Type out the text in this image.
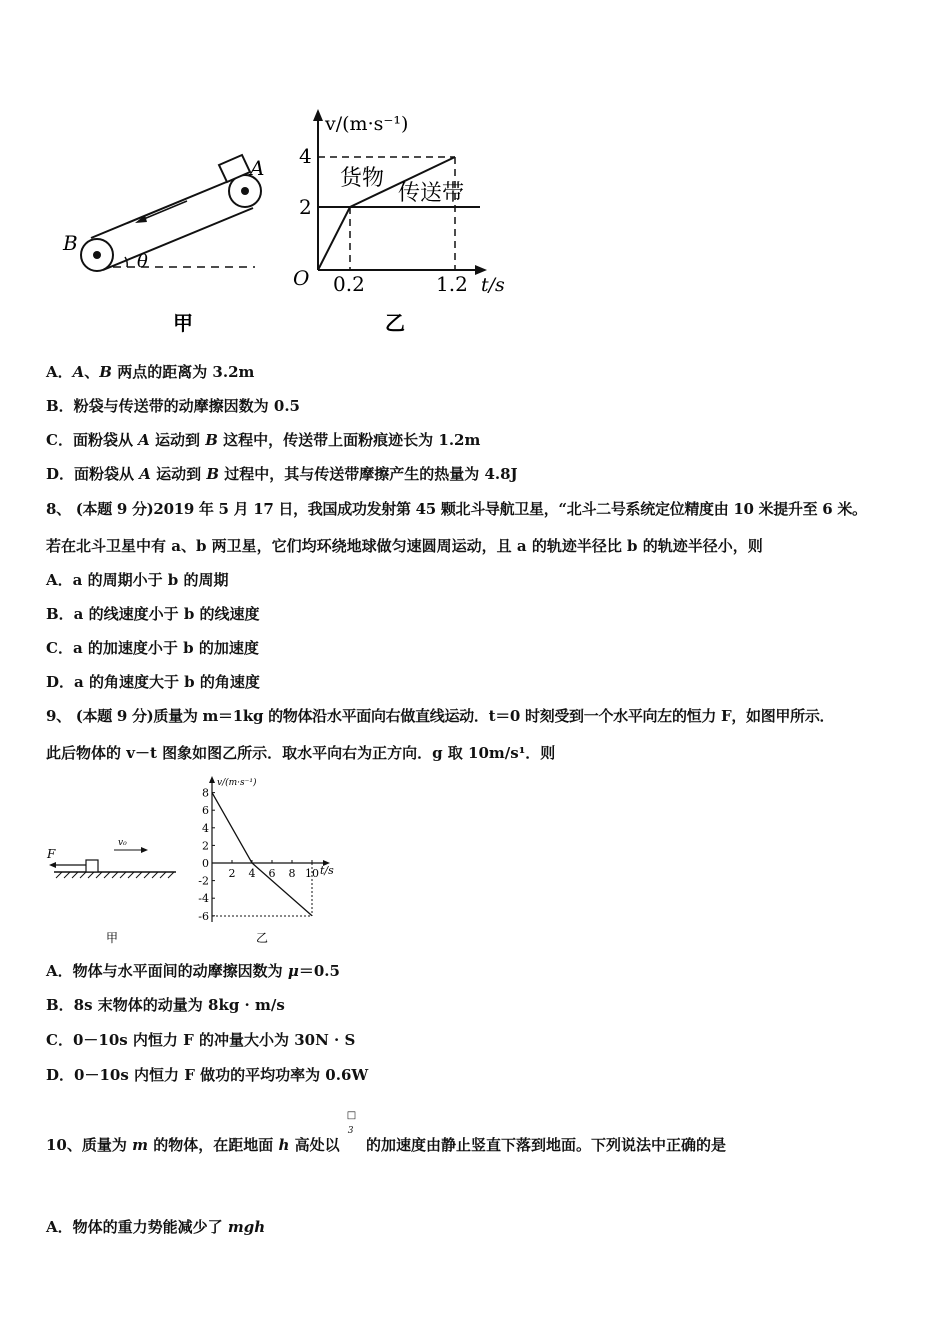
A
B
θ
v/(m·s⁻¹)
t/s
O
4
2
0.2	1.2
货物
传送带
甲	乙
A．A、B 两点的距离为 3.2m
B．粉袋与传送带的动摩擦因数为 0.5
C．面粉袋从 A 运动到 B 这程中，传送带上面粉痕迹长为 1.2m
D．面粉袋从 A 运动到 B 过程中，其与传送带摩擦产生的热量为 4.8J
8、 (本题 9 分)2019 年 5 月 17 日，我国成功发射第 45 颗北斗导航卫星，“北斗二号系统定位精度由 10 米提升至 6 米。
若在北斗卫星中有 a、b 两卫星，它们均环绕地球做匀速圆周运动，且 a 的轨迹半径比 b 的轨迹半径小，则
A．a 的周期小于 b 的周期
B．a 的线速度小于 b 的线速度
C．a 的加速度小于 b 的加速度
D．a 的角速度大于 b 的角速度
9、 (本题 9 分)质量为 m＝1kg 的物体沿水平面向右做直线运动．t＝0 时刻受到一个水平向左的恒力 F，如图甲所示．
此后物体的 v－t 图象如图乙所示．取水平向右为正方向．g 取 10m/s¹．则
F
v₀
v/(m·s⁻¹)
t/s
甲	乙
8
6
4
2
0
-2
-4
-6
2 4 6 8 10
A．物体与水平面间的动摩擦因数为 μ＝0.5
B．8s 末物体的动量为 8kg · m/s
C．0－10s 内恒力 F 的冲量大小为 30N · S
D．0－10s 内恒力 F 做功的平均功率为 0.6W
10、质量为 m 的物体，在距地面 h 高处以
□
3
的加速度由静止竖直下落到地面。下列说法中正确的是
A．物体的重力势能减少了 mgh
